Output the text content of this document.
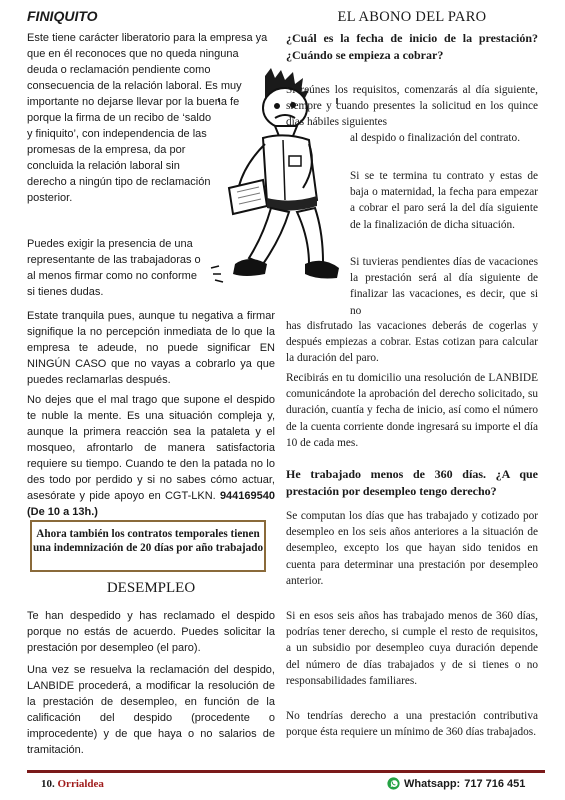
FINIQUITO
Este tiene carácter liberatorio para la empresa ya
que en él reconoces que no queda ninguna
deuda o reclamación pendiente como
consecuencia de la relación laboral. Es muy
importante no dejarse llevar por la buena fe
porque la firma de un recibo de ‘saldo
y finiquito’, con independencia de las
promesas de la empresa, da por
concluida la relación laboral sin
derecho a ningún tipo de reclamación
posterior.
Puedes exigir la presencia de una
representante de las trabajadoras o
al menos firmar como no conforme
si tienes dudas.

Estate tranquila pues, aunque tu negativa a firmar signifique la no percepción inmediata de lo que la empresa te adeude, no puede significar EN NINGÚN CASO que no vayas a cobrarlo ya que puedes reclamarlas después.

No dejes que el mal trago que supone el despido te nuble la mente. Es una situación compleja y, aunque la primera reacción sea la pataleta y el mosqueo, afrontarlo de manera satisfactoria requiere su tiempo. Cuando te den la patada no lo des todo por perdido y si no sabes cómo actuar, asesórate y pide apoyo en CGT-LKN. 944169540 (De 10 a 13h.)

Ahora también los contratos temporales tienen una indemnización de 20 días por año trabajado
DESEMPLEO

Te han despedido y has reclamado el despido porque no estás de acuerdo. Puedes solicitar la prestación por desempleo (el paro).

Una vez se resuelva la reclamación del despido, LANBIDE procederá, a modificar la resolución de la prestación de desempleo, en función de la calificación del despido (procedente o improcedente) y de que haya o no salarios de tramitación.

EL ABONO DEL PARO

¿Cuál es la fecha de inicio de la prestación? ¿Cuándo se empieza a cobrar?

Si reúnes los requisitos, comenzarás al día siguiente, siempre y cuando presentes la solicitud en los quince días hábiles siguientes

al despido o finalización del contrato.

Si se te termina tu contrato y estas de baja o maternidad, la fecha para empezar a cobrar el paro será la del día siguiente de la finalización de dicha situación.

Si tuvieras pendientes días de vacaciones la prestación será al día siguiente de finalizar las vacaciones, es decir, que si no

has disfrutado las vacaciones deberás de cogerlas y después empiezas a cobrar. Estas cotizan para calcular la duración del paro.

Recibirás en tu domicilio una resolución de LANBIDE comunicándote la aprobación del derecho solicitado, su duración, cuantía y fecha de inicio, así como el número de la cuenta corriente donde ingresará su importe el día 10 de cada mes.

He trabajado menos de 360 días. ¿A que prestación por desempleo tengo derecho?

Se computan los días que has trabajado y cotizado por desempleo en los seis años anteriores a la situación de desempleo, excepto los que hayan sido tenidos en cuenta para determinar una prestación por desempleo anterior.

Si en esos seis años has trabajado menos de 360 días, podrías tener derecho, si cumple el resto de requisitos, a un subsidio por desempleo cuya duración depende del número de días trabajados y de si tienes o no responsabilidades familiares.

No tendrías derecho a una prestación contributiva porque ésta requiere un mínimo de 360 días trabajados.

10. Orrialdea	Whatsapp: 717 716 451
